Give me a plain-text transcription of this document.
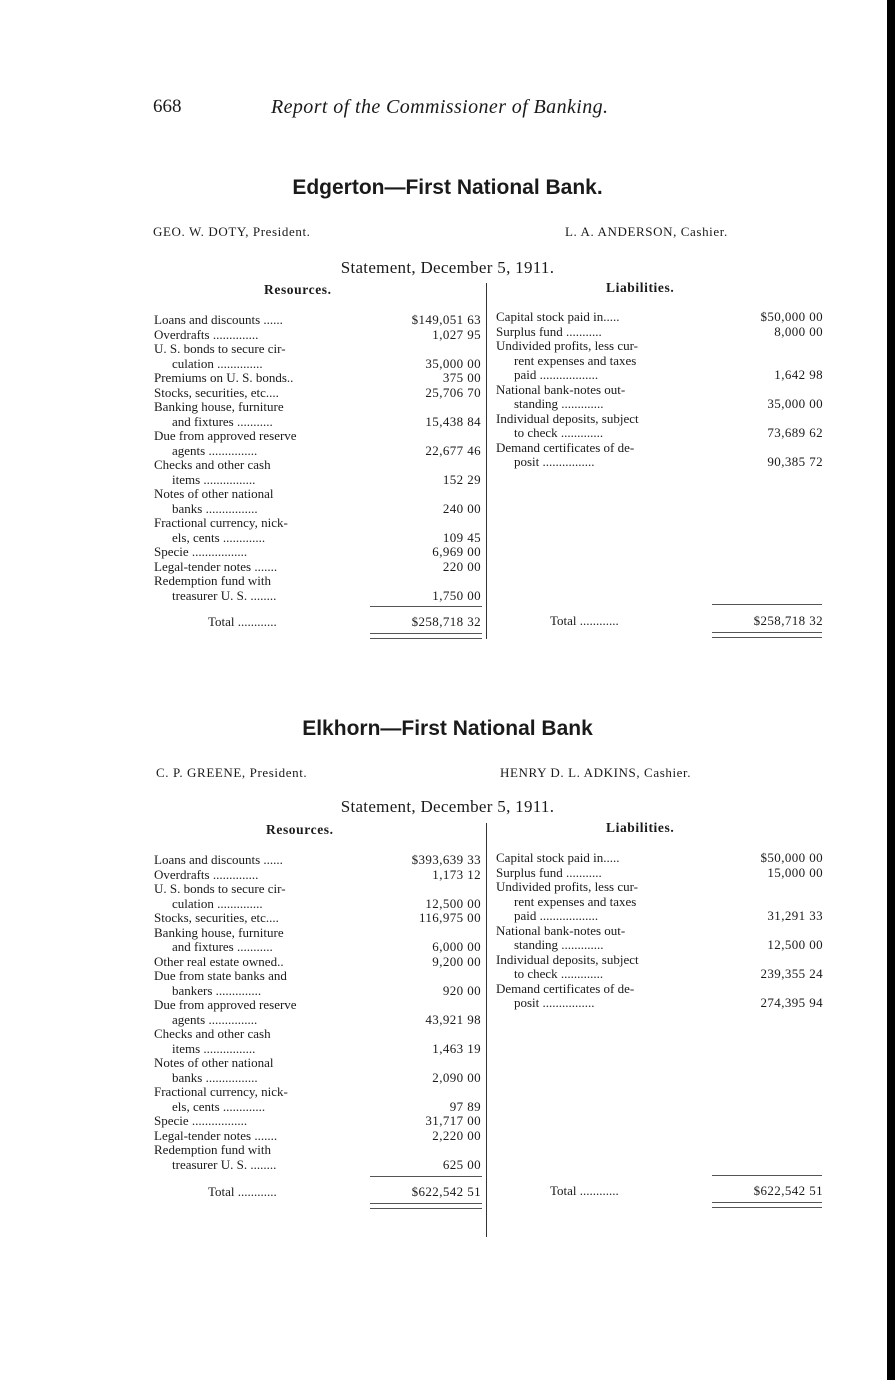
668	Report of the Commissioner of Banking.
Edgerton—First National Bank.
GEO. W. DOTY, President.	L. A. ANDERSON, Cashier.
Statement, December 5, 1911.
Resources.	Liabilities.
Loans and discounts ......	$149,051 63
Overdrafts ..............	1,027 95
U. S. bonds to secure cir-
culation ..............	35,000 00
Premiums on U. S. bonds..	375 00
Stocks, securities, etc....	25,706 70
Banking house, furniture
and fixtures ...........	15,438 84
Due from approved reserve
agents ...............	22,677 46
Checks and other cash
items ................	152 29
Notes of other national
banks ................	240 00
Fractional currency, nick-
els, cents .............	109 45
Specie .................	6,969 00
Legal-tender notes .......	220 00
Redemption fund with
treasurer U. S. ........	1,750 00
Capital stock paid in.....	$50,000 00
Surplus fund ...........	8,000 00
Undivided profits, less cur-
rent expenses and taxes
paid ..................	1,642 98
National bank-notes out-
standing .............	35,000 00
Individual deposits, subject
to check .............	73,689 62
Demand certificates of de-
posit ................	90,385 72
Total ............	$258,718 32	Total ............	$258,718 32
Elkhorn—First National Bank
C. P. GREENE, President.	HENRY D. L. ADKINS, Cashier.
Statement, December 5, 1911.
Resources.	Liabilities.
Loans and discounts ......	$393,639 33
Overdrafts ..............	1,173 12
U. S. bonds to secure cir-
culation ..............	12,500 00
Stocks, securities, etc....	116,975 00
Banking house, furniture
and fixtures ...........	6,000 00
Other real estate owned..	9,200 00
Due from state banks and
bankers ..............	920 00
Due from approved reserve
agents ...............	43,921 98
Checks and other cash
items ................	1,463 19
Notes of other national
banks ................	2,090 00
Fractional currency, nick-
els, cents .............	97 89
Specie .................	31,717 00
Legal-tender notes .......	2,220 00
Redemption fund with
treasurer U. S. ........	625 00
Capital stock paid in.....	$50,000 00
Surplus fund ...........	15,000 00
Undivided profits, less cur-
rent expenses and taxes
paid ..................	31,291 33
National bank-notes out-
standing .............	12,500 00
Individual deposits, subject
to check .............	239,355 24
Demand certificates of de-
posit ................	274,395 94
Total ............	$622,542 51	Total ............	$622,542 51
